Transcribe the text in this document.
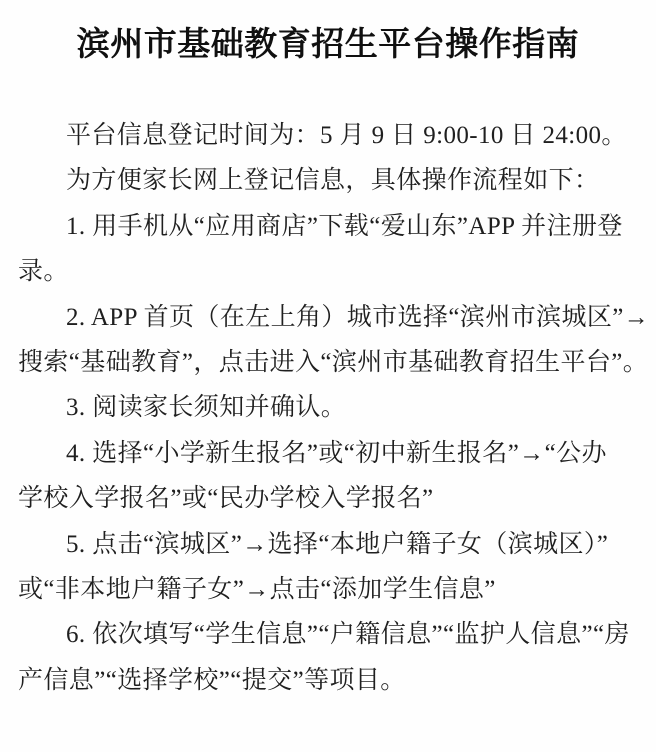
滨州市基础教育招生平台操作指南
平台信息登记时间为：5 月 9 日 9:00-10 日 24:00。
为方便家长网上登记信息，具体操作流程如下：
1. 用手机从“应用商店”下载“爱山东”APP 并注册登
录。
2. APP 首页（在左上角）城市选择“滨州市滨城区”→
搜索“基础教育”，点击进入“滨州市基础教育招生平台”。
3. 阅读家长须知并确认。
4. 选择“小学新生报名”或“初中新生报名”→“公办
学校入学报名”或“民办学校入学报名”
5. 点击“滨城区”→选择“本地户籍子女（滨城区）”
或“非本地户籍子女”→点击“添加学生信息”
6. 依次填写“学生信息”“户籍信息”“监护人信息”“房
产信息”“选择学校”“提交”等项目。
